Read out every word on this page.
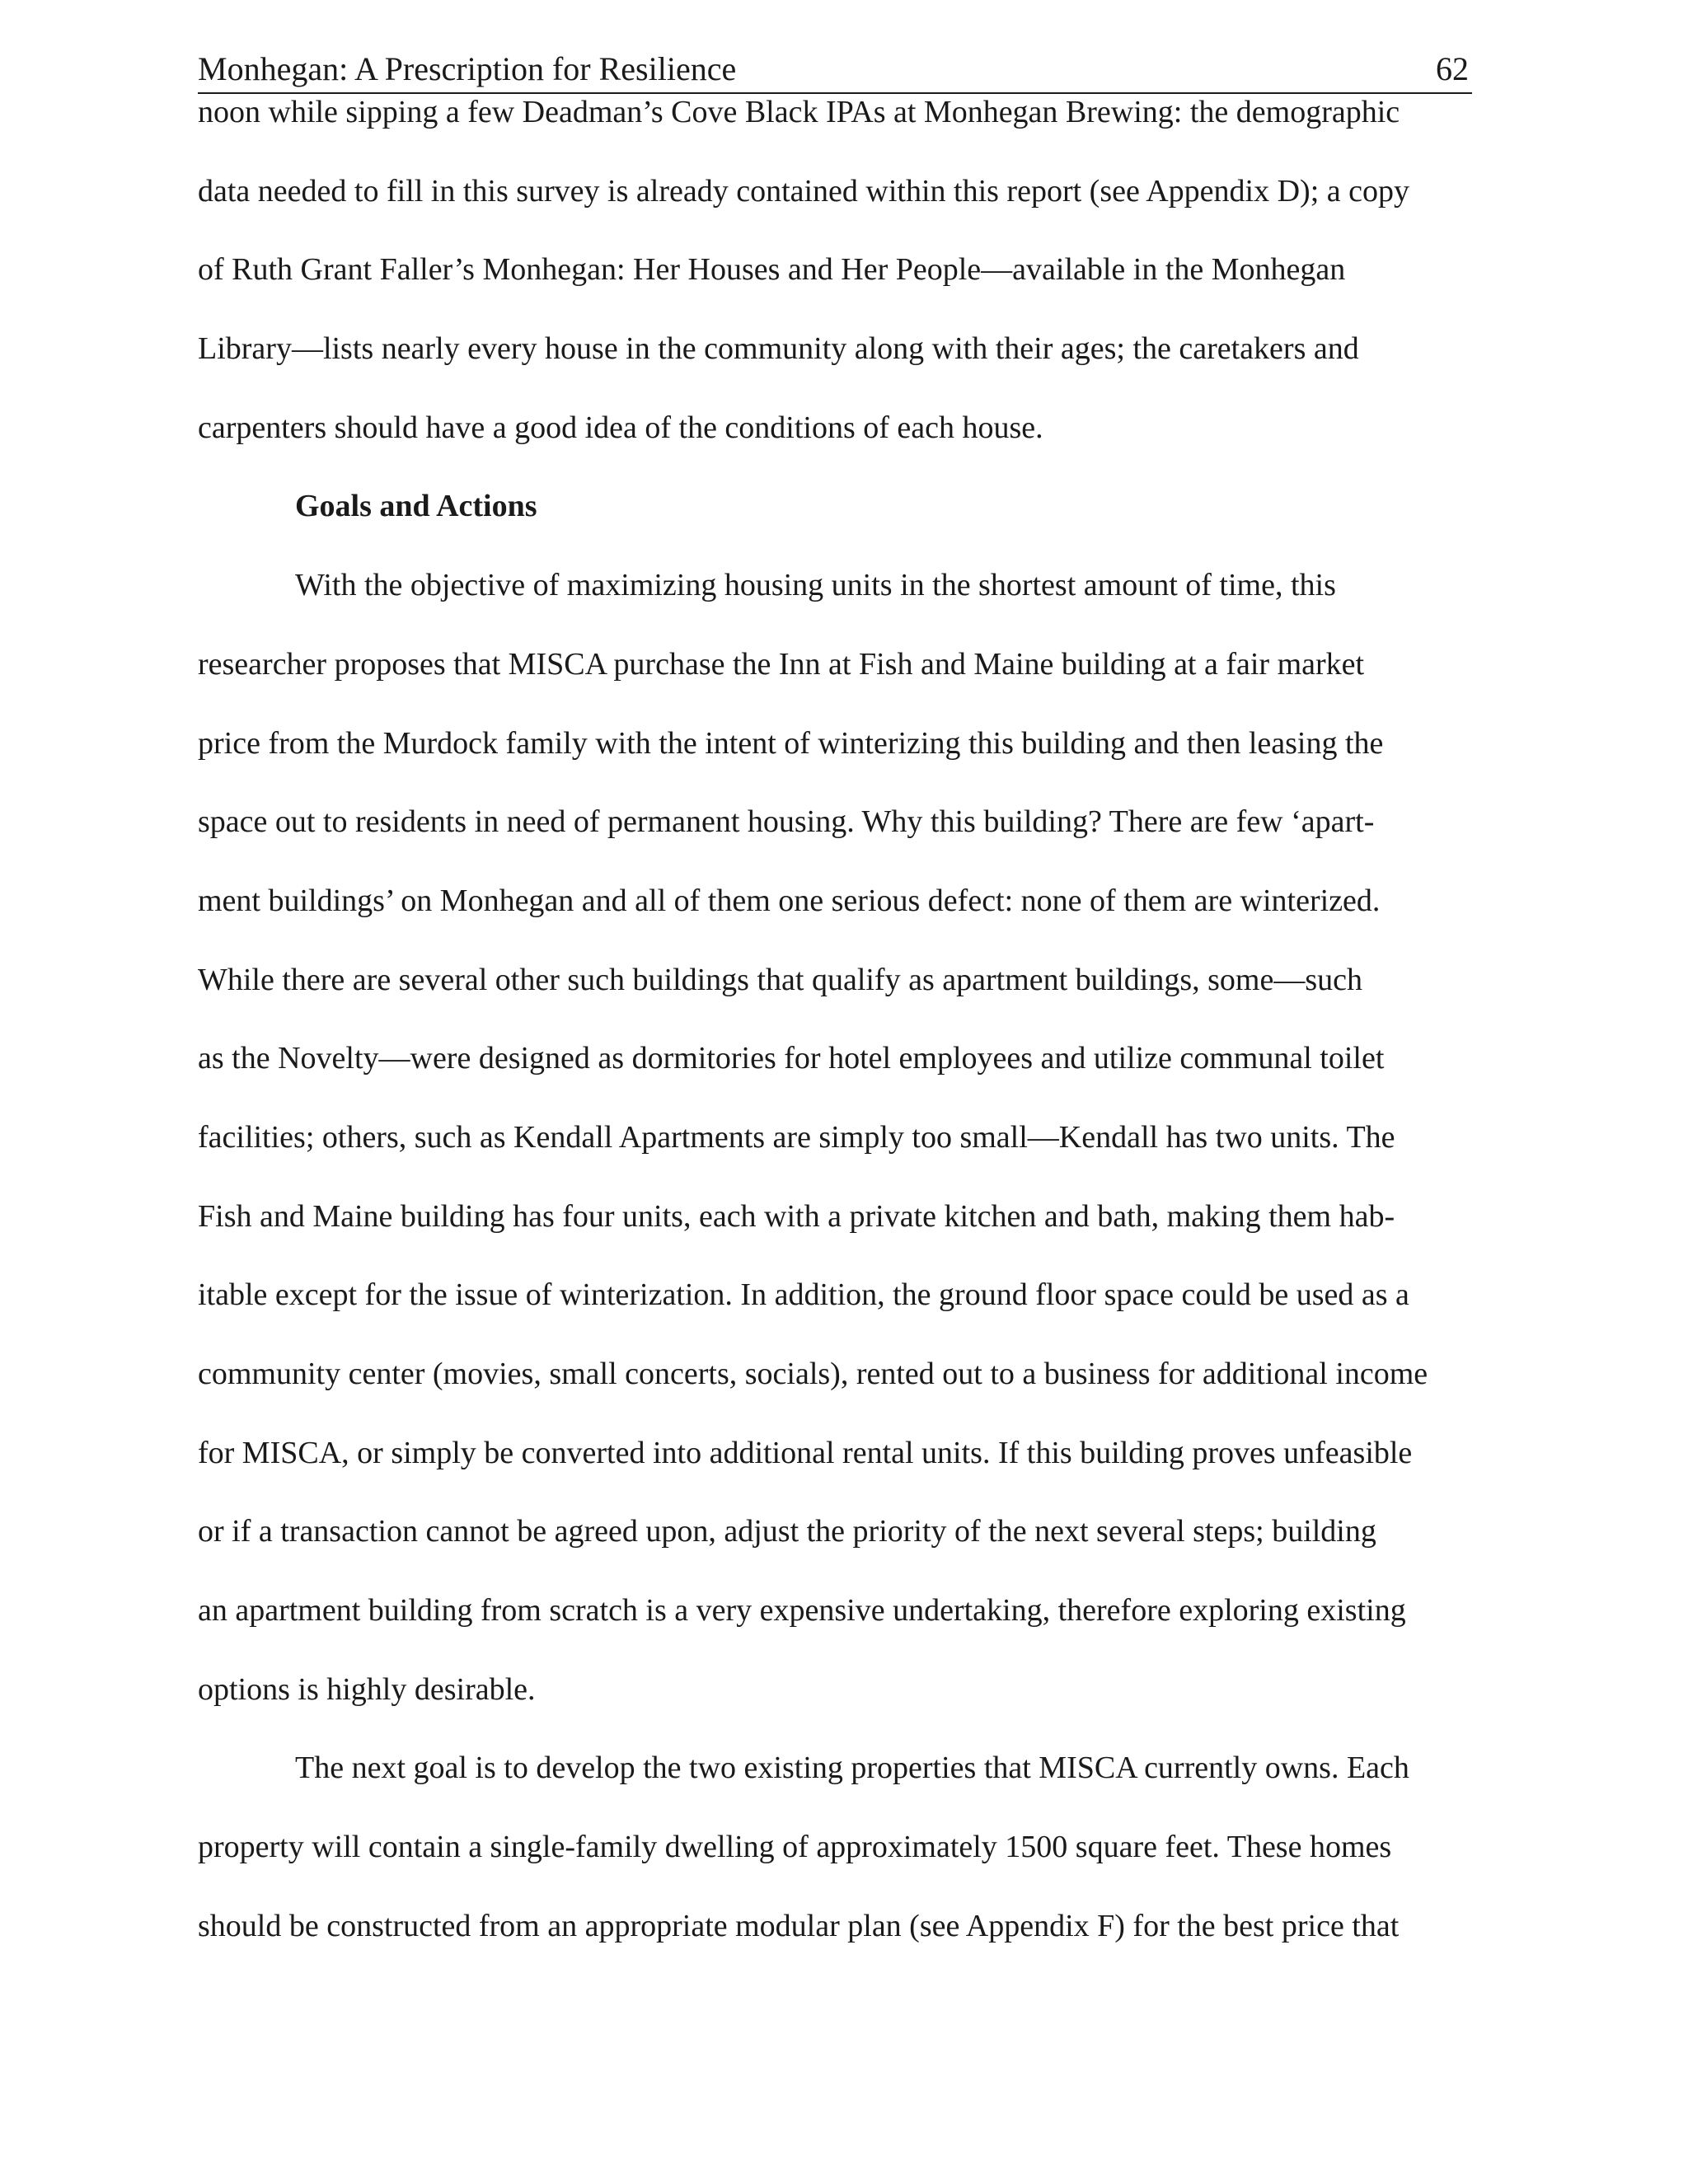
Monhegan: A Prescription for Resilience	62
noon while sipping a few Deadman’s Cove Black IPAs at Monhegan Brewing: the demographic
data needed to fill in this survey is already contained within this report (see Appendix D); a copy
of Ruth Grant Faller’s Monhegan: Her Houses and Her People—available in the Monhegan
Library—lists nearly every house in the community along with their ages; the caretakers and
carpenters should have a good idea of the conditions of each house.
Goals and Actions
With the objective of maximizing housing units in the shortest amount of time, this
researcher proposes that MISCA purchase the Inn at Fish and Maine building at a fair market
price from the Murdock family with the intent of winterizing this building and then leasing the
space out to residents in need of permanent housing. Why this building? There are few ‘apart-
ment buildings’ on Monhegan and all of them one serious defect: none of them are winterized.
While there are several other such buildings that qualify as apartment buildings, some—such
as the Novelty—were designed as dormitories for hotel employees and utilize communal toilet
facilities; others, such as Kendall Apartments are simply too small—Kendall has two units. The
Fish and Maine building has four units, each with a private kitchen and bath, making them hab-
itable except for the issue of winterization. In addition, the ground floor space could be used as a
community center (movies, small concerts, socials), rented out to a business for additional income
for MISCA, or simply be converted into additional rental units. If this building proves unfeasible
or if a transaction cannot be agreed upon, adjust the priority of the next several steps; building
an apartment building from scratch is a very expensive undertaking, therefore exploring existing
options is highly desirable.
The next goal is to develop the two existing properties that MISCA currently owns. Each
property will contain a single-family dwelling of approximately 1500 square feet. These homes
should be constructed from an appropriate modular plan (see Appendix F) for the best price that
